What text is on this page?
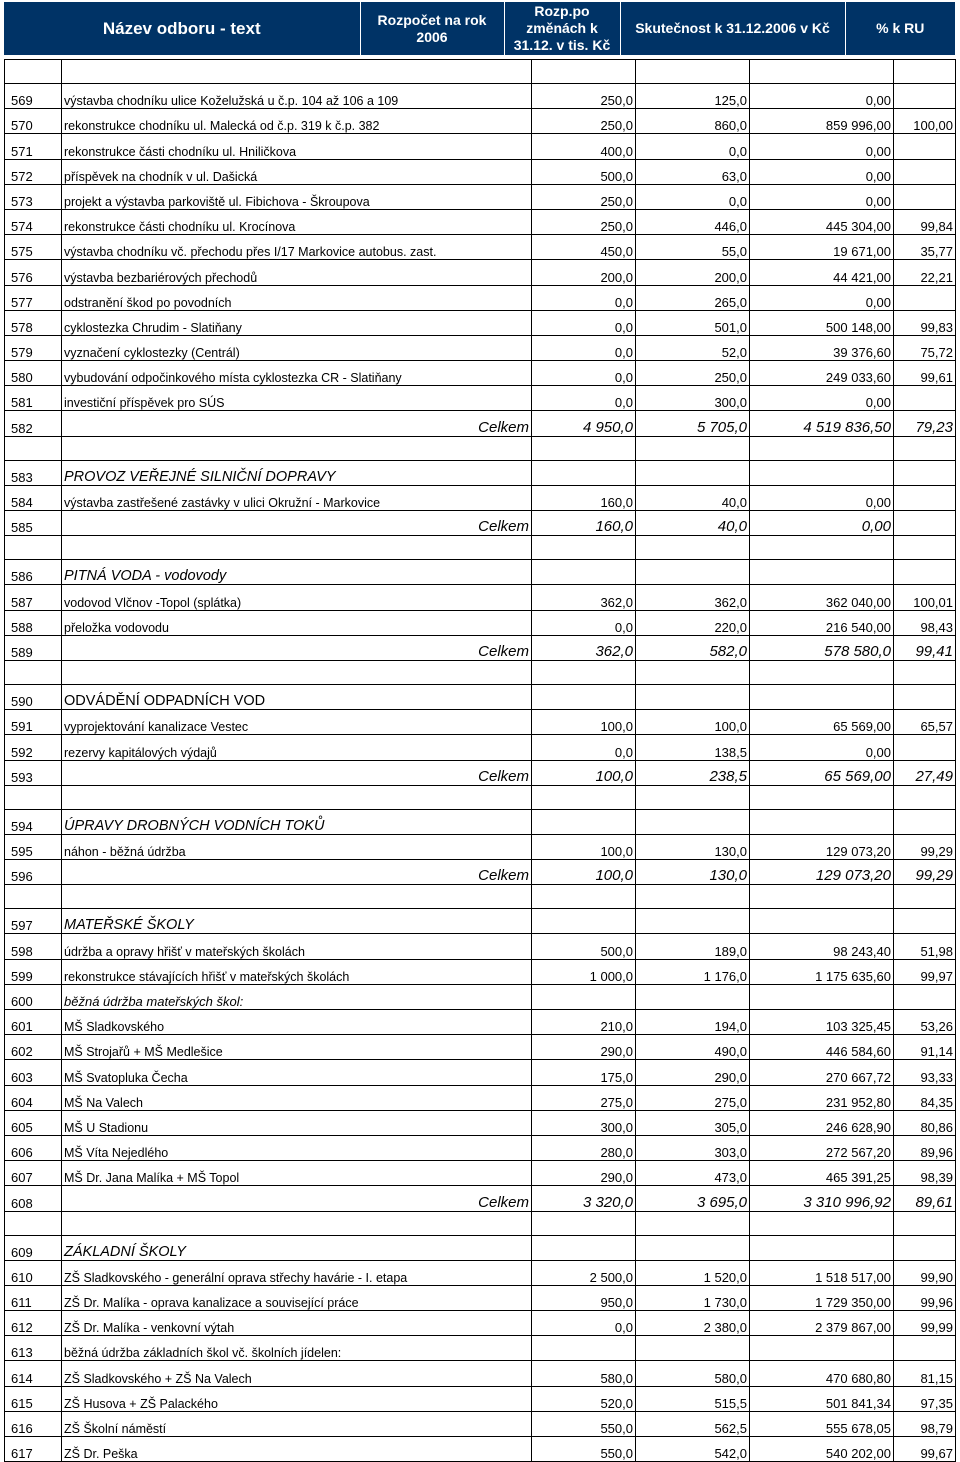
Název odboru - text	Rozpočet na rok 2006	Rozp.po změnách k 31.12. v tis. Kč	Skutečnost k 31.12.2006 v Kč	% k RU

569	výstavba chodníku ulice Koželužská u č.p. 104 až 106 a 109	250,0	125,0	0,00	
570	rekonstrukce chodníku ul. Malecká od č.p. 319 k č.p. 382	250,0	860,0	859 996,00	100,00
571	rekonstrukce části chodníku ul. Hniličkova	400,0	0,0	0,00	
572	příspěvek na chodník v ul. Dašická	500,0	63,0	0,00	
573	projekt a výstavba parkoviště ul. Fibichova - Škroupova	250,0	0,0	0,00	
574	rekonstrukce části chodníku ul. Krocínova	250,0	446,0	445 304,00	99,84
575	výstavba chodníku vč. přechodu přes I/17 Markovice autobus. zast.	450,0	55,0	19 671,00	35,77
576	výstavba bezbariérových přechodů	200,0	200,0	44 421,00	22,21
577	odstranění škod po povodních	0,0	265,0	0,00	
578	cyklostezka Chrudim - Slatiňany	0,0	501,0	500 148,00	99,83
579	vyznačení cyklostezky (Centrál)	0,0	52,0	39 376,60	75,72
580	vybudování odpočinkového místa cyklostezka CR - Slatiňany	0,0	250,0	249 033,60	99,61
581	investiční příspěvek pro SÚS	0,0	300,0	0,00	
582	Celkem	4 950,0	5 705,0	4 519 836,50	79,23

583	PROVOZ VEŘEJNÉ SILNIČNÍ DOPRAVY				
584	výstavba zastřešené zastávky v ulici Okružní - Markovice	160,0	40,0	0,00	
585	Celkem	160,0	40,0	0,00	

586	PITNÁ VODA - vodovody				
587	vodovod Vlčnov -Topol (splátka)	362,0	362,0	362 040,00	100,01
588	přeložka vodovodu	0,0	220,0	216 540,00	98,43
589	Celkem	362,0	582,0	578 580,0	99,41

590	ODVÁDĚNÍ ODPADNÍCH VOD				
591	vyprojektování kanalizace Vestec	100,0	100,0	65 569,00	65,57
592	rezervy kapitálových výdajů	0,0	138,5	0,00	
593	Celkem	100,0	238,5	65 569,00	27,49

594	ÚPRAVY DROBNÝCH VODNÍCH TOKŮ				
595	náhon - běžná údržba	100,0	130,0	129 073,20	99,29
596	Celkem	100,0	130,0	129 073,20	99,29

597	MATEŘSKÉ ŠKOLY				
598	údržba a opravy hřišť v mateřských školách	500,0	189,0	98 243,40	51,98
599	rekonstrukce stávajících hřišť v mateřských školách	1 000,0	1 176,0	1 175 635,60	99,97
600	běžná údržba mateřských škol:				
601	MŠ Sladkovského	210,0	194,0	103 325,45	53,26
602	MŠ Strojařů + MŠ Medlešice	290,0	490,0	446 584,60	91,14
603	MŠ Svatopluka Čecha	175,0	290,0	270 667,72	93,33
604	MŠ Na Valech	275,0	275,0	231 952,80	84,35
605	MŠ U Stadionu	300,0	305,0	246 628,90	80,86
606	MŠ Víta Nejedlého	280,0	303,0	272 567,20	89,96
607	MŠ Dr. Jana Malíka + MŠ Topol	290,0	473,0	465 391,25	98,39
608	Celkem	3 320,0	3 695,0	3 310 996,92	89,61

609	ZÁKLADNÍ ŠKOLY				
610	ZŠ Sladkovského - generální oprava střechy havárie - I. etapa	2 500,0	1 520,0	1 518 517,00	99,90
611	ZŠ Dr. Malíka - oprava kanalizace a související práce	950,0	1 730,0	1 729 350,00	99,96
612	ZŠ Dr. Malíka - venkovní výtah	0,0	2 380,0	2 379 867,00	99,99
613	běžná údržba základních škol vč. školních jídelen:				
614	ZŠ Sladkovského + ZŠ Na Valech	580,0	580,0	470 680,80	81,15
615	ZŠ Husova + ZŠ Palackého	520,0	515,5	501 841,34	97,35
616	ZŠ Školní náměstí	550,0	562,5	555 678,05	98,79
617	ZŠ Dr. Peška	550,0	542,0	540 202,00	99,67
